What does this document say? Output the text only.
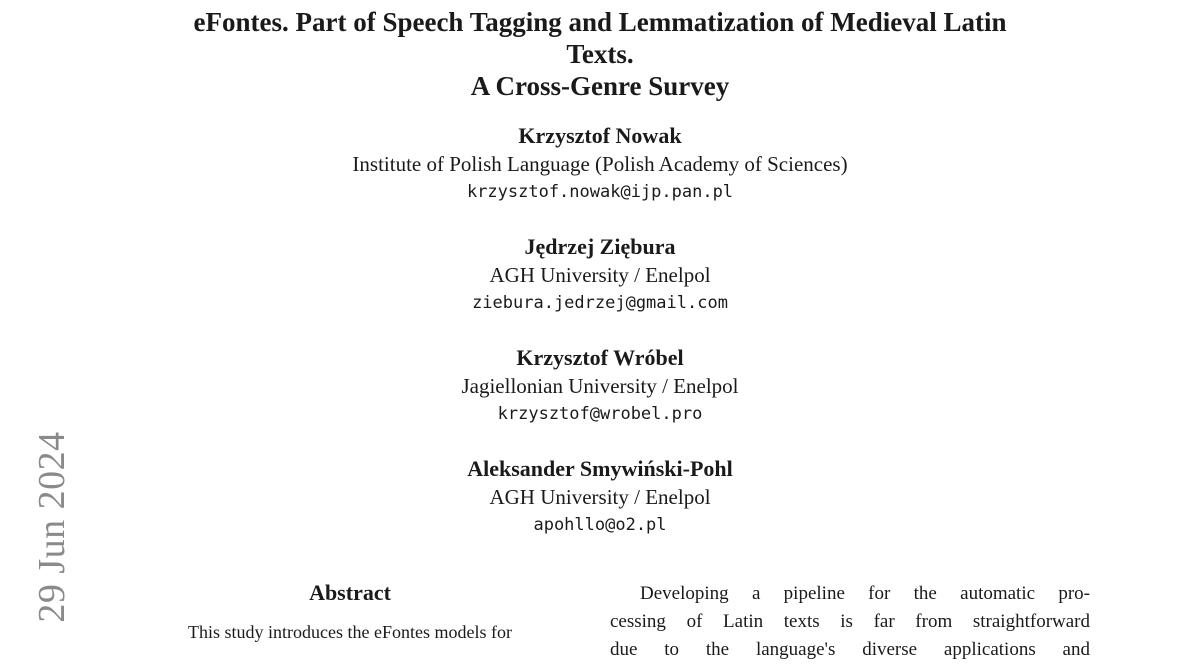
eFontes. Part of Speech Tagging and Lemmatization of Medieval Latin
Texts.
A Cross-Genre Survey
Krzysztof Nowak
Institute of Polish Language (Polish Academy of Sciences)
krzysztof.nowak@ijp.pan.pl
Jędrzej Ziębura
AGH University / Enelpol
ziebura.jedrzej@gmail.com
Krzysztof Wróbel
Jagiellonian University / Enelpol
krzysztof@wrobel.pro
Aleksander Smywiński-Pohl
AGH University / Enelpol
apohllo@o2.pl
29 Jun 2024	Abstract
This study introduces the eFontes models for
Developing a pipeline for the automatic pro-
cessing of Latin texts is far from straightforward
due to the language's diverse applications and
